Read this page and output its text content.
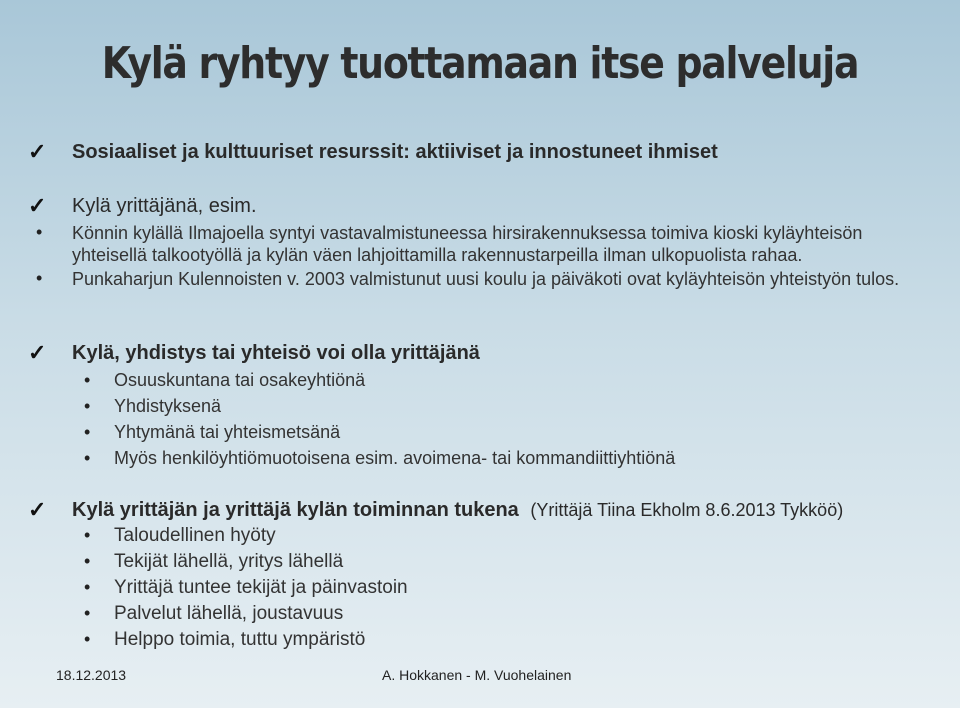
Kylä ryhtyy tuottamaan itse palveluja
✓ Sosiaaliset ja kulttuuriset resurssit: aktiiviset ja innostuneet ihmiset
✓ Kylä yrittäjänä, esim.
• Könnin kylällä Ilmajoella syntyi vastavalmistuneessa hirsirakennuksessa toimiva kioski kyläyhteisön yhteisellä talkootyöllä ja kylän väen lahjoittamilla rakennustarpeilla ilman ulkopuolista rahaa.
• Punkaharjun Kulennoisten v. 2003 valmistunut uusi koulu ja päiväkoti ovat kyläyhteisön yhteistyön tulos.
✓ Kylä, yhdistys tai yhteisö voi olla yrittäjänä
• Osuuskuntana tai osakeyhtiönä
• Yhdistyksenä
• Yhtymänä tai yhteismetsänä
• Myös henkilöyhtiömuotoisena esim. avoimena- tai kommandiittiyhtiönä
✓ Kylä yrittäjän ja yrittäjä kylän toiminnan tukena (Yrittäjä Tiina Ekholm 8.6.2013 Tykköö)
• Taloudellinen hyöty
• Tekijät lähellä, yritys lähellä
• Yrittäjä tuntee tekijät ja päinvastoin
• Palvelut lähellä, joustavuus
• Helppo toimia, tuttu ympäristö
18.12.2013	A. Hokkanen - M. Vuohelainen
